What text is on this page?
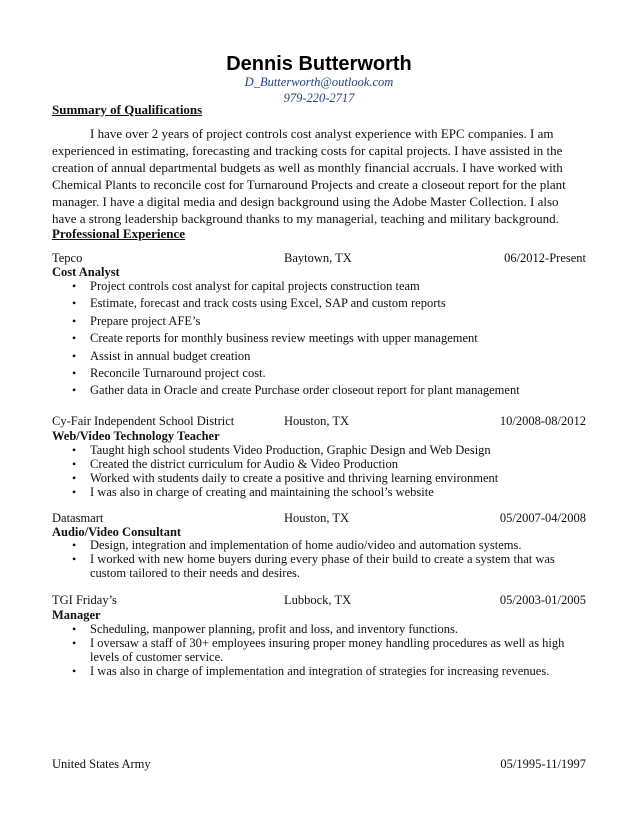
Dennis Butterworth
D_Butterworth@outlook.com
979-220-2717
Summary of Qualifications
I have over 2 years of project controls cost analyst experience with EPC companies. I am experienced in estimating, forecasting and tracking costs for capital projects. I have assisted in the creation of annual departmental budgets as well as monthly financial accruals. I have worked with Chemical Plants to reconcile cost for Turnaround Projects and create a closeout report for the plant manager. I have a digital media and design background using the Adobe Master Collection. I also have a strong leadership background thanks to my managerial, teaching and military background.
Professional Experience
Tepco	Baytown, TX	06/2012-Present
Cost Analyst
• Project controls cost analyst for capital projects construction team
• Estimate, forecast and track costs using Excel, SAP and custom reports
• Prepare project AFE’s
• Create reports for monthly business review meetings with upper management
• Assist in annual budget creation
• Reconcile Turnaround project cost.
• Gather data in Oracle and create Purchase order closeout report for plant management
Cy-Fair Independent School District	Houston, TX	10/2008-08/2012
Web/Video Technology Teacher
• Taught high school students Video Production, Graphic Design and Web Design
• Created the district curriculum for Audio & Video Production
• Worked with students daily to create a positive and thriving learning environment
• I was also in charge of creating and maintaining the school’s website
Datasmart	Houston, TX	05/2007-04/2008
Audio/Video Consultant
• Design, integration and implementation of home audio/video and automation systems.
• I worked with new home buyers during every phase of their build to create a system that was custom tailored to their needs and desires.
TGI Friday’s	Lubbock, TX	05/2003-01/2005
Manager
• Scheduling, manpower planning, profit and loss, and inventory functions.
• I oversaw a staff of 30+ employees insuring proper money handling procedures as well as high levels of customer service.
• I was also in charge of implementation and integration of strategies for increasing revenues.
United States Army	05/1995-11/1997
